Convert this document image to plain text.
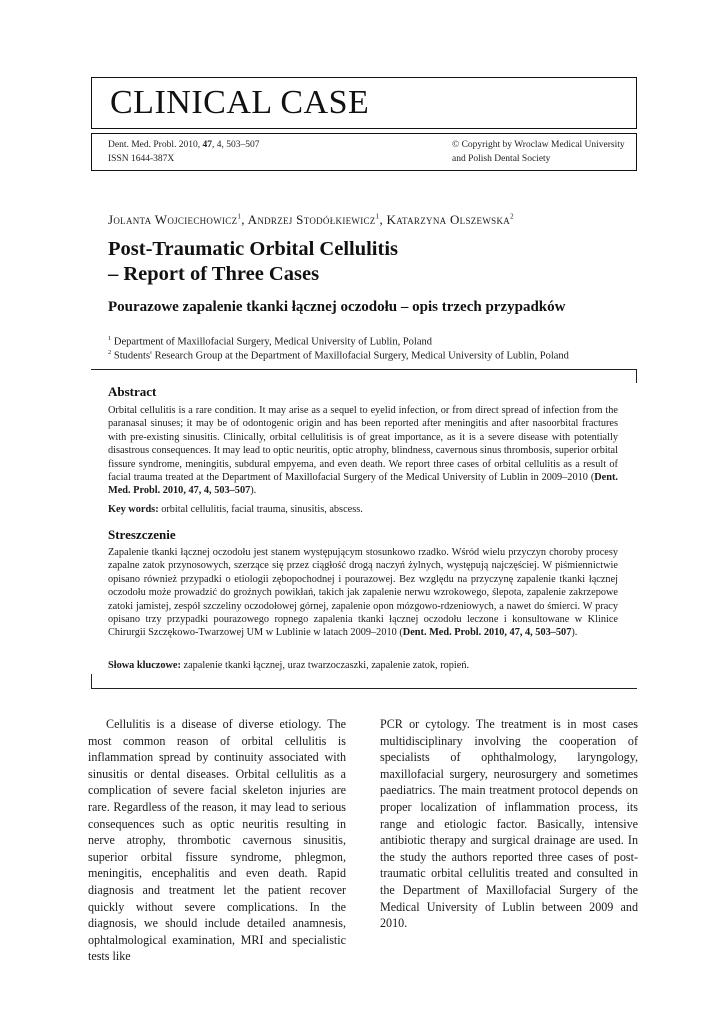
CLINICAL CASE
Dent. Med. Probl. 2010, 47, 4, 503–507
ISSN 1644-387X
© Copyright by Wroclaw Medical University
and Polish Dental Society
Jolanta Wojciechowicz$^1$, Andrzej Stodółkiewicz$^1$, Katarzyna Olszewska$^2$
Post-Traumatic Orbital Cellulitis
– Report of Three Cases
Pourazowe zapalenie tkanki łącznej oczodołu – opis trzech przypadków
$^1$ Department of Maxillofacial Surgery, Medical University of Lublin, Poland
$^2$ Students' Research Group at the Department of Maxillofacial Surgery, Medical University of Lublin, Poland
Abstract
Orbital cellulitis is a rare condition. It may arise as a sequel to eyelid infection, or from direct spread of infection from the paranasal sinuses; it may be of odontogenic origin and has been reported after meningitis and after nasoorbital fractures with pre-existing sinusitis. Clinically, orbital cellulitisis is of great importance, as it is a severe disease with potentially disastrous consequences. It may lead to optic neuritis, optic atrophy, blindness, cavernous sinus thrombosis, superior orbital fissure syndrome, meningitis, subdural empyema, and even death. We report three cases of orbital cellulitis as a result of facial trauma treated at the Department of Maxillofacial Surgery of the Medical University of Lublin in 2009–2010 (Dent. Med. Probl. 2010, 47, 4, 503–507).
Key words: orbital cellulitis, facial trauma, sinusitis, abscess.
Streszczenie
Zapalenie tkanki łącznej oczodołu jest stanem występującym stosunkowo rzadko. Wśród wielu przyczyn choroby procesy zapalne zatok przynosowych, szerzące się przez ciągłość drogą naczyń żylnych, występują najczęściej. W piśmiennictwie opisano również przypadki o etiologii zębopochodnej i pourazowej. Bez względu na przyczynę zapalenie tkanki łącznej oczodołu może prowadzić do groźnych powikłań, takich jak zapalenie nerwu wzrokowego, ślepota, zapalenie zakrzepowe zatoki jamistej, zespół szczeliny oczodołowej górnej, zapalenie opon mózgowo-rdzeniowych, a nawet do śmierci. W pracy opisano trzy przypadki pourazowego ropnego zapalenia tkanki łącznej oczodołu leczone i konsultowane w Klinice Chirurgii Szczękowo-Twarzowej UM w Lublinie w latach 2009–2010 (Dent. Med. Probl. 2010, 47, 4, 503–507).
Słowa kluczowe: zapalenie tkanki łącznej, uraz twarzoczaszki, zapalenie zatok, ropień.
Cellulitis is a disease of diverse etiology. The most common reason of orbital cellulitis is inflammation spread by continuity associated with sinusitis or dental diseases. Orbital cellulitis as a complication of severe facial skeleton injuries are rare. Regardless of the reason, it may lead to serious consequences such as optic neuritis resulting in nerve atrophy, thrombotic cavernous sinusitis, superior orbital fissure syndrome, phlegmon, meningitis, encephalitis and even death. Rapid diagnosis and treatment let the patient recover quickly without severe complications. In the diagnosis, we should include detailed anamnesis, ophtalmological examination, MRI and specialistic tests like
PCR or cytology. The treatment is in most cases multidisciplinary involving the cooperation of specialists of ophthalmology, laryngology, maxillofacial surgery, neurosurgery and sometimes paediatrics. The main treatment protocol depends on proper localization of inflammation process, its range and etiologic factor. Basically, intensive antibiotic therapy and surgical drainage are used. In the study the authors reported three cases of post-traumatic orbital cellulitis treated and consulted in the Department of Maxillofacial Surgery of the Medical University of Lublin between 2009 and 2010.
